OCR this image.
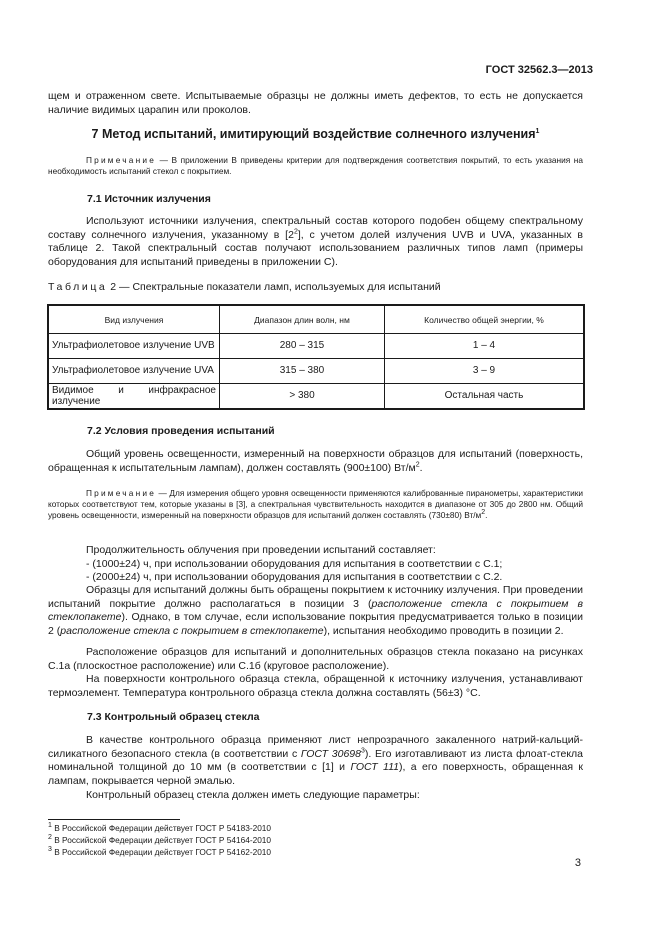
ГОСТ 32562.3—2013
щем и отраженном свете. Испытываемые образцы не должны иметь дефектов, то есть не допускается наличие видимых царапин или проколов.
7 Метод испытаний, имитирующий воздействие солнечного излучения$^1$
Примечание — В приложении В приведены критерии для подтверждения соответствия покрытий, то есть указания на необходимость испытаний стекол с покрытием.
7.1 Источник излучения
Используют источники излучения, спектральный состав которого подобен общему спектральному составу солнечного излучения, указанному в $[2^2]$, с учетом долей излучения UVB и UVA, указанных в таблице 2. Такой спектральный состав получают использованием различных типов ламп (примеры оборудования для испытаний приведены в приложении С).
Таблица 2 — Спектральные показатели ламп, используемых для испытаний
Вид излучения	Диапазон длин волн, нм	Количество общей энергии, %
Ультрафиолетовое излучение UVB	280 – 315	1 – 4
Ультрафиолетовое излучение UVA	315 – 380	3 – 9
Видимое и инфракрасное излучение	> 380	Остальная часть
7.2 Условия проведения испытаний
Общий уровень освещенности, измеренный на поверхности образцов для испытаний (поверхность, обращенная к испытательным лампам), должен составлять (900±100) $Вт/м^2$.
Примечание — Для измерения общего уровня освещенности применяются калиброванные пиранометры, характеристики которых соответствуют тем, которые указаны в [3], а спектральная чувствительность находится в диапазоне от 305 до 2800 нм. Общий уровень освещенности, измеренный на поверхности образцов для испытаний должен составлять (730±80) $Вт/м^2$.
Продолжительность облучения при проведении испытаний составляет:
- (1000±24) ч, при использовании оборудования для испытания в соответствии с С.1;
- (2000±24) ч, при использовании оборудования для испытания в соответствии с С.2.
Образцы для испытаний должны быть обращены покрытием к источнику излучения. При проведении испытаний покрытие должно располагаться в позиции 3 (расположение стекла с покрытием в стеклопакете). Однако, в том случае, если использование покрытия предусматривается только в позиции 2 (расположение стекла с покрытием в стеклопакете), испытания необходимо проводить в позиции 2.
Расположение образцов для испытаний и дополнительных образцов стекла показано на рисунках С.1а (плоскостное расположение) или С.1б (круговое расположение).
На поверхности контрольного образца стекла, обращенной к источнику излучения, устанавливают термоэлемент. Температура контрольного образца стекла должна составлять (56±3) °С.
7.3 Контрольный образец стекла
В качестве контрольного образца применяют лист непрозрачного закаленного натрий-кальций-силикатного безопасного стекла (в соответствии с ГОСТ 30698$^3$). Его изготавливают из листа флоат-стекла номинальной толщиной до 10 мм (в соответствии с [1] и ГОСТ 111), а его поверхность, обращенная к лампам, покрывается черной эмалью.
Контрольный образец стекла должен иметь следующие параметры:
$^1$ В Российской Федерации действует ГОСТ Р 54183-2010
$^2$ В Российской Федерации действует ГОСТ Р 54164-2010
$^3$ В Российской Федерации действует ГОСТ Р 54162-2010
3
